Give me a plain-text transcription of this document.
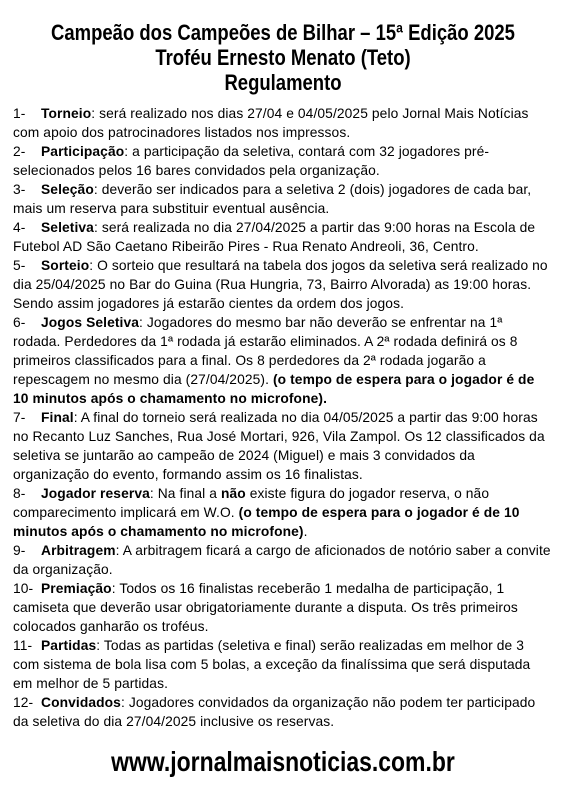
Campeão dos Campeões de Bilhar – 15ª Edição 2025
Troféu Ernesto Menato (Teto)
Regulamento

1- Torneio: será realizado nos dias 27/04 e 04/05/2025 pelo Jornal Mais Notícias com apoio dos patrocinadores listados nos impressos.

2- Participação: a participação da seletiva, contará com 32 jogadores pré-selecionados pelos 16 bares convidados pela organização.

3- Seleção: deverão ser indicados para a seletiva 2 (dois) jogadores de cada bar, mais um reserva para substituir eventual ausência.

4- Seletiva: será realizada no dia 27/04/2025 a partir das 9:00 horas na Escola de Futebol AD São Caetano Ribeirão Pires - Rua Renato Andreoli, 36, Centro.

5- Sorteio: O sorteio que resultará na tabela dos jogos da seletiva será realizado no dia 25/04/2025 no Bar do Guina (Rua Hungria, 73, Bairro Alvorada) as 19:00 horas. Sendo assim jogadores já estarão cientes da ordem dos jogos.

6- Jogos Seletiva: Jogadores do mesmo bar não deverão se enfrentar na 1ª rodada. Perdedores da 1ª rodada já estarão eliminados. A 2ª rodada definirá os 8 primeiros classificados para a final. Os 8 perdedores da 2ª rodada jogarão a repescagem no mesmo dia (27/04/2025). (o tempo de espera para o jogador é de 10 minutos após o chamamento no microfone).

7- Final: A final do torneio será realizada no dia 04/05/2025 a partir das 9:00 horas no Recanto Luz Sanches, Rua José Mortari, 926, Vila Zampol. Os 12 classificados da seletiva se juntarão ao campeão de 2024 (Miguel) e mais 3 convidados da organização do evento, formando assim os 16 finalistas.

8- Jogador reserva: Na final a não existe figura do jogador reserva, o não comparecimento implicará em W.O. (o tempo de espera para o jogador é de 10 minutos após o chamamento no microfone).

9- Arbitragem: A arbitragem ficará a cargo de aficionados de notório saber a convite da organização.

10- Premiação: Todos os 16 finalistas receberão 1 medalha de participação, 1 camiseta que deverão usar obrigatoriamente durante a disputa. Os três primeiros colocados ganharão os troféus.

11- Partidas: Todas as partidas (seletiva e final) serão realizadas em melhor de 3 com sistema de bola lisa com 5 bolas, a exceção da finalíssima que será disputada em melhor de 5 partidas.

12- Convidados: Jogadores convidados da organização não podem ter participado da seletiva do dia 27/04/2025 inclusive os reservas.

www.jornalmaisnoticias.com.br
